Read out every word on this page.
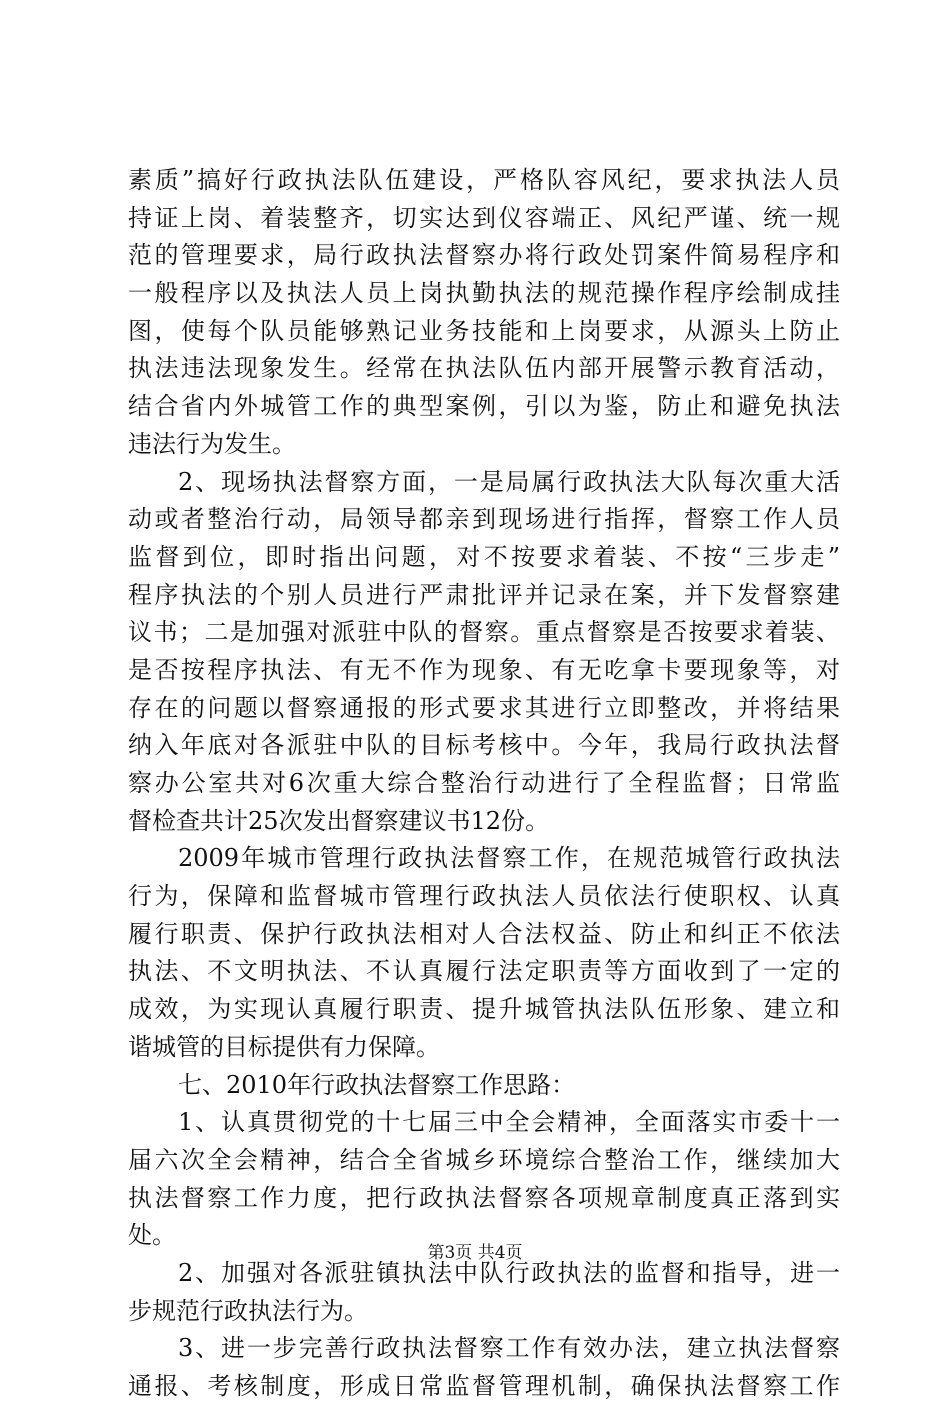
素质”搞好行政执法队伍建设，严格队容风纪，要求执法人员
持证上岗、着装整齐，切实达到仪容端正、风纪严谨、统一规
范的管理要求，局行政执法督察办将行政处罚案件简易程序和
一般程序以及执法人员上岗执勤执法的规范操作程序绘制成挂
图，使每个队员能够熟记业务技能和上岗要求，从源头上防止
执法违法现象发生。经常在执法队伍内部开展警示教育活动，
结合省内外城管工作的典型案例，引以为鉴，防止和避免执法
违法行为发生。
2、现场执法督察方面，一是局属行政执法大队每次重大活
动或者整治行动，局领导都亲到现场进行指挥，督察工作人员
监督到位，即时指出问题，对不按要求着装、不按“三步走”
程序执法的个别人员进行严肃批评并记录在案，并下发督察建
议书；二是加强对派驻中队的督察。重点督察是否按要求着装、
是否按程序执法、有无不作为现象、有无吃拿卡要现象等，对
存在的问题以督察通报的形式要求其进行立即整改，并将结果
纳入年底对各派驻中队的目标考核中。今年，我局行政执法督
察办公室共对6次重大综合整治行动进行了全程监督；日常监
督检查共计25次发出督察建议书12份。
2009年城市管理行政执法督察工作，在规范城管行政执法
行为，保障和监督城市管理行政执法人员依法行使职权、认真
履行职责、保护行政执法相对人合法权益、防止和纠正不依法
执法、不文明执法、不认真履行法定职责等方面收到了一定的
成效，为实现认真履行职责、提升城管执法队伍形象、建立和
谐城管的目标提供有力保障。
七、2010年行政执法督察工作思路：
1、认真贯彻党的十七届三中全会精神，全面落实市委十一
届六次全会精神，结合全省城乡环境综合整治工作，继续加大
执法督察工作力度，把行政执法督察各项规章制度真正落到实
处。
2、加强对各派驻镇执法中队行政执法的监督和指导，进一
步规范行政执法行为。
3、进一步完善行政执法督察工作有效办法，建立执法督察
通报、考核制度，形成日常监督管理机制，确保执法督察工作
第3页 共4页
